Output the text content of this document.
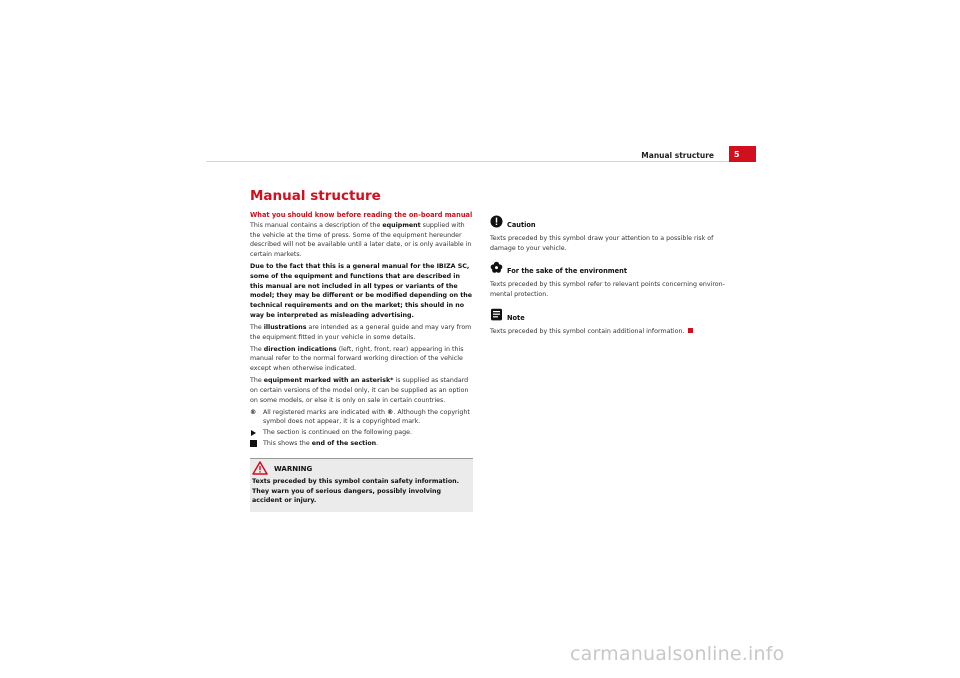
Manual structure	5
Manual structure
What you should know before reading the on-board manual

This manual contains a description of the equipment supplied with the vehicle at the time of press. Some of the equipment hereunder described will not be available until a later date, or is only available in certain markets.

Due to the fact that this is a general manual for the IBIZA SC, some of the equipment and functions that are described in this manual are not included in all types or variants of the model; they may be different or be modified depending on the technical requirements and on the market; this should in no way be interpreted as misleading advertising.

The illustrations are intended as a general guide and may vary from the equipment fitted in your vehicle in some details.

The direction indications (left, right, front, rear) appearing in this manual refer to the normal forward working direction of the vehicle except when otherwise indicated.

The equipment marked with an asterisk* is supplied as standard on certain versions of the model only, it can be supplied as an option on some models, or else it is only on sale in certain countries.

® All registered marks are indicated with ®. Although the copyright symbol does not appear, it is a copyrighted mark.
The section is continued on the following page.
This shows the end of the section.
WARNING

Texts preceded by this symbol contain safety information. They warn you of serious dangers, possibly involving accident or injury.

Caution

Texts preceded by this symbol draw your attention to a possible risk of damage to your vehicle.

For the sake of the environment

Texts preceded by this symbol refer to relevant points concerning environ-mental protection.

Note

Texts preceded by this symbol contain additional information.

carmanualsonline.info
